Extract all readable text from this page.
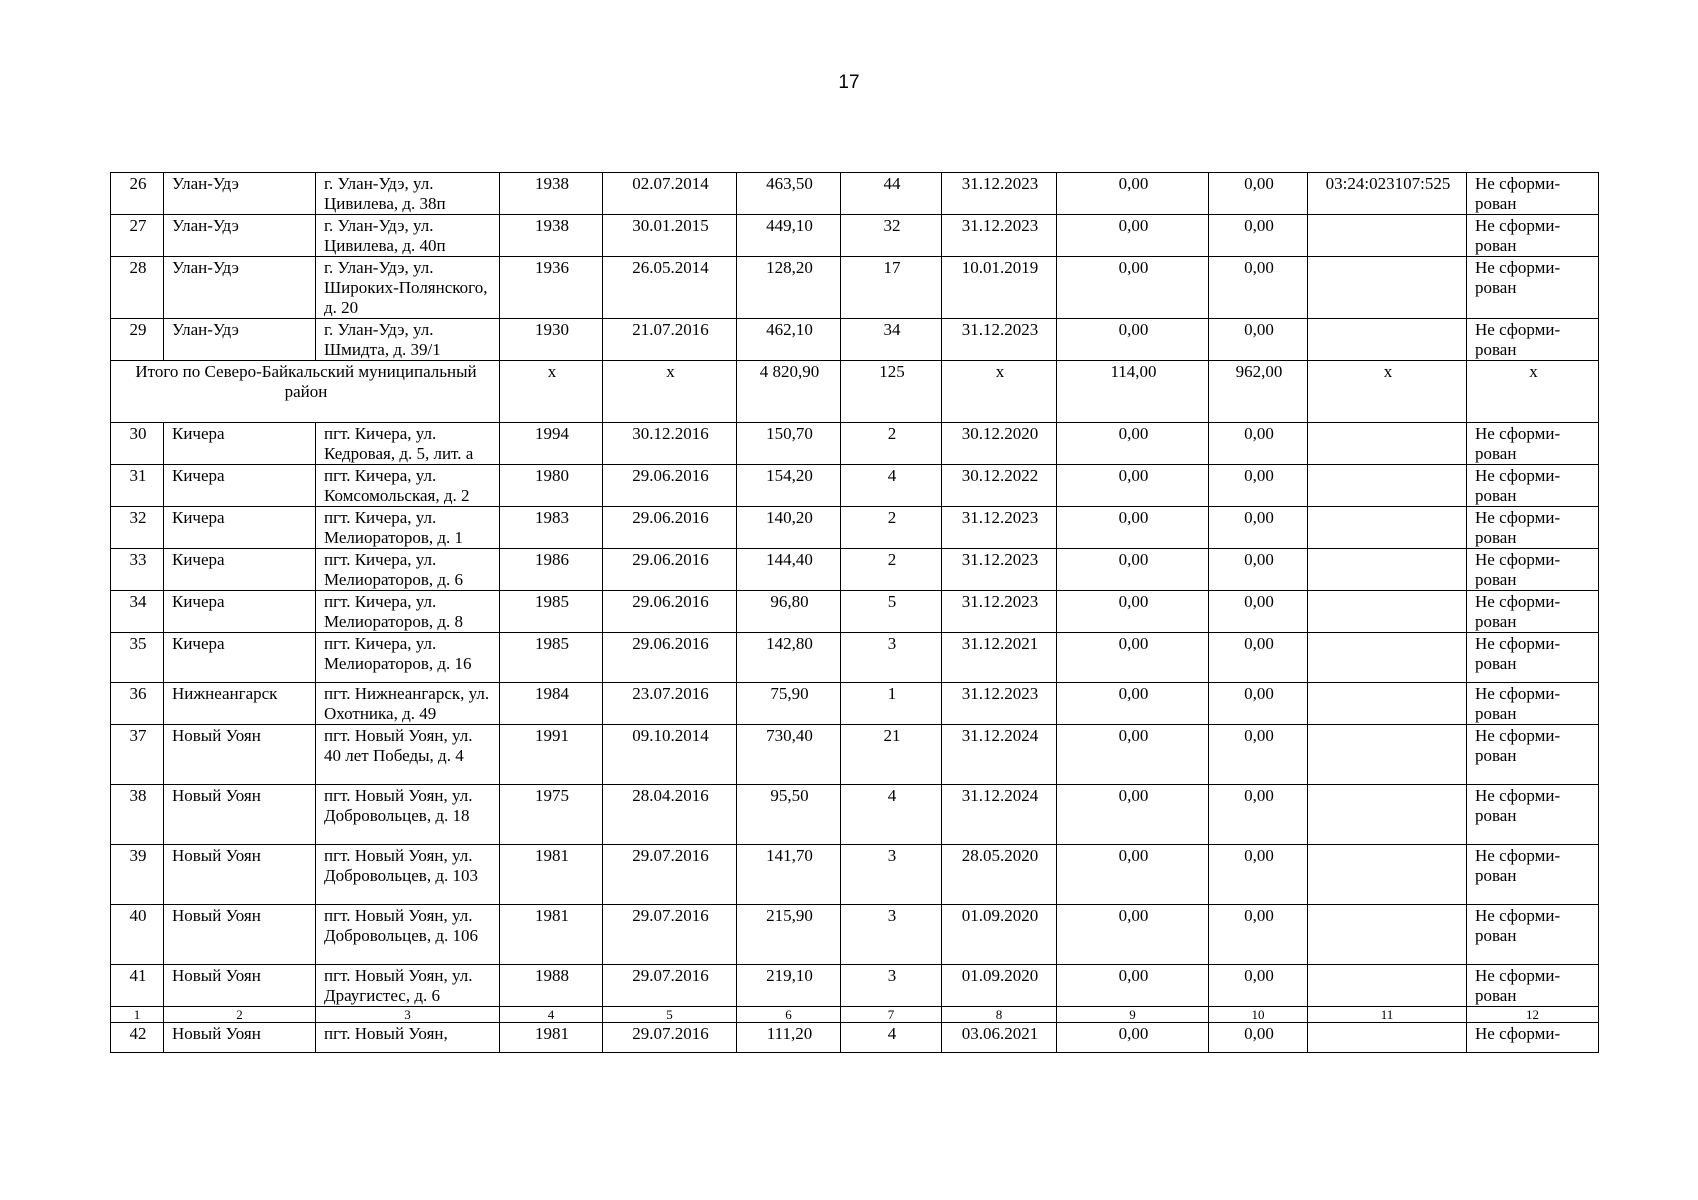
17
26	Улан-Удэ	г. Улан-Удэ, ул. Цивилева, д. 38п	1938	02.07.2014	463,50	44	31.12.2023	0,00	0,00	03:24:023107:525	Не сформи-рован
27	Улан-Удэ	г. Улан-Удэ, ул. Цивилева, д. 40п	1938	30.01.2015	449,10	32	31.12.2023	0,00	0,00		Не сформи-рован
28	Улан-Удэ	г. Улан-Удэ, ул. Широких-Полянского, д. 20	1936	26.05.2014	128,20	17	10.01.2019	0,00	0,00		Не сформи-рован
29	Улан-Удэ	г. Улан-Удэ, ул. Шмидта, д. 39/1	1930	21.07.2016	462,10	34	31.12.2023	0,00	0,00		Не сформи-рован
Итого по Северо-Байкальский муниципальный район			х	х	4 820,90	125	х	114,00	962,00	х	х
30	Кичера	пгт. Кичера, ул. Кедровая, д. 5, лит. а	1994	30.12.2016	150,70	2	30.12.2020	0,00	0,00		Не сформи-рован
31	Кичера	пгт. Кичера, ул. Комсомольская, д. 2	1980	29.06.2016	154,20	4	30.12.2022	0,00	0,00		Не сформи-рован
32	Кичера	пгт. Кичера, ул. Мелиораторов, д. 1	1983	29.06.2016	140,20	2	31.12.2023	0,00	0,00		Не сформи-рован
33	Кичера	пгт. Кичера, ул. Мелиораторов, д. 6	1986	29.06.2016	144,40	2	31.12.2023	0,00	0,00		Не сформи-рован
34	Кичера	пгт. Кичера, ул. Мелиораторов, д. 8	1985	29.06.2016	96,80	5	31.12.2023	0,00	0,00		Не сформи-рован
35	Кичера	пгт. Кичера, ул. Мелиораторов, д. 16	1985	29.06.2016	142,80	3	31.12.2021	0,00	0,00		Не сформи-рован
36	Нижнеангарск	пгт. Нижнеангарск, ул. Охотника, д. 49	1984	23.07.2016	75,90	1	31.12.2023	0,00	0,00		Не сформи-рован
37	Новый Уоян	пгт. Новый Уоян, ул. 40 лет Победы, д. 4	1991	09.10.2014	730,40	21	31.12.2024	0,00	0,00		Не сформи-рован
38	Новый Уоян	пгт. Новый Уоян, ул. Добровольцев, д. 18	1975	28.04.2016	95,50	4	31.12.2024	0,00	0,00		Не сформи-рован
39	Новый Уоян	пгт. Новый Уоян, ул. Добровольцев, д. 103	1981	29.07.2016	141,70	3	28.05.2020	0,00	0,00		Не сформи-рован
40	Новый Уоян	пгт. Новый Уоян, ул. Добровольцев, д. 106	1981	29.07.2016	215,90	3	01.09.2020	0,00	0,00		Не сформи-рован
41	Новый Уоян	пгт. Новый Уоян, ул. Драугистес, д. 6	1988	29.07.2016	219,10	3	01.09.2020	0,00	0,00		Не сформи-рован
1	2	3	4	5	6	7	8	9	10	11	12
42	Новый Уоян	пгт. Новый Уоян,	1981	29.07.2016	111,20	4	03.06.2021	0,00	0,00		Не сформи-
